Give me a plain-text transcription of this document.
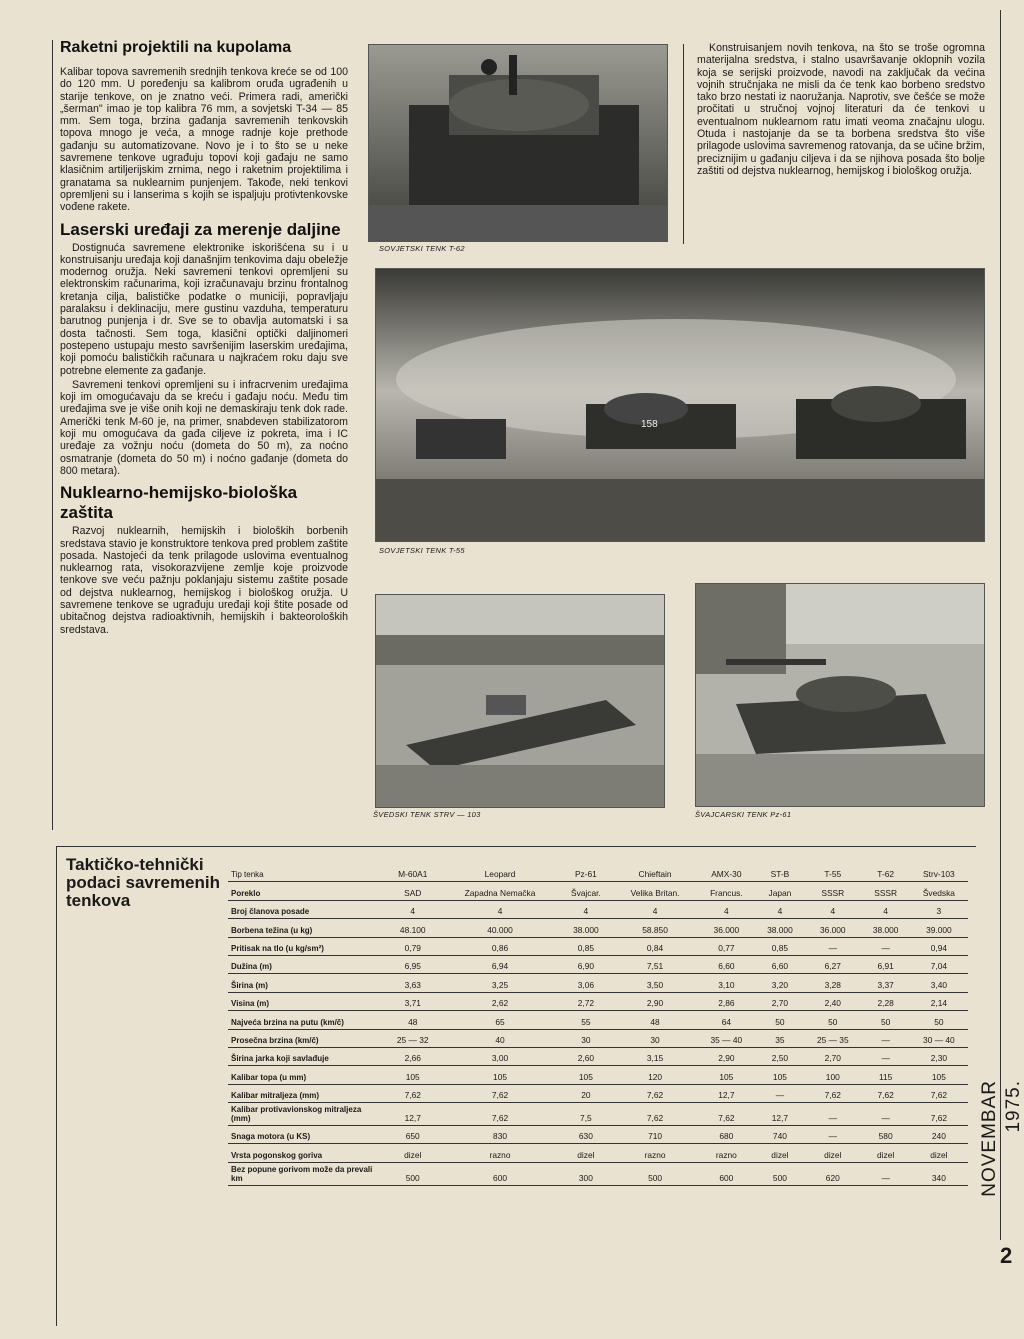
Raketni projektili na kupolama

Kalibar topova savremenih srednjih tenkova kreće se od 100 do 120 mm. U poređenju sa kalibrom oruđa ugrađenih u starije tenkove, on je znatno veći. Primera radi, američki „šerman" imao je top kalibra 76 mm, a sovjetski T-34 — 85 mm. Sem toga, brzina gađanja savremenih tenkovskih topova mnogo je veća, a mnoge radnje koje prethode gađanju su automatizovane. Novo je i to što se u neke savremene tenkove ugrađuju topovi koji gađaju ne samo klasičnim artiljerijskim zrnima, nego i raketnim projektilima i granatama sa nuklearnim punjenjem. Takođe, neki tenkovi opremljeni su i lanserima s kojih se ispaljuju protivtenkovske vođene rakete.

Laserski uređaji za merenje daljine

Dostignuća savremene elektronike iskorišćena su i u konstruisanju uređaja koji današnjim tenkovima daju obeležje modernog oružja. Neki savremeni tenkovi opremljeni su elektronskim računarima, koji izračunavaju brzinu frontalnog kretanja cilja, balističke podatke o municiji, popravljaju paralaksu i deklinaciju, mere gustinu vazduha, temperaturu barutnog punjenja i dr. Sve se to obavlja automatski i sa dosta tačnosti. Sem toga, klasični optički daljinomeri postepeno ustupaju mesto savršenijim laserskim uređajima, koji pomoću balističkih računara u najkraćem roku daju sve potrebne elemente za gađanje.

Savremeni tenkovi opremljeni su i infracrvenim uređajima koji im omogućavaju da se kreću i gađaju noću. Među tim uređajima sve je više onih koji ne demaskiraju tenk dok rade. Američki tenk M-60 je, na primer, snabdeven stabilizatorom koji mu omogućava da gađa ciljeve iz pokreta, ima i IC uređaje za vožnju noću (dometa do 50 m), za noćno osmatranje (dometa do 50 m) i noćno gađanje (dometa do 800 metara).

Nuklearno-hemijsko-biološka zaštita

Razvoj nuklearnih, hemijskih i bioloških borbenih sredstava stavio je konstruktore tenkova pred problem zaštite posada. Nastojeći da tenk prilagode uslovima eventualnog nuklearnog rata, visokorazvijene zemlje koje proizvode tenkove sve veću pažnju poklanjaju sistemu zaštite posade od dejstva nuklearnog, hemijskog i biološkog oružja. U savremene tenkove se ugrađuju uređaji koji štite posade od ubitačnog dejstva radioaktivnih, hemijskih i bakteoroloških sredstava.

Konstruisanjem novih tenkova, na što se troše ogromna materijalna sredstva, i stalno usavršavanje oklopnih vozila koja se serijski proizvode, navodi na zaključak da većina vojnih stručnjaka ne misli da će tenk kao borbeno sredstvo tako brzo nestati iz naoružanja. Naprotiv, sve češće se može pročitati u stručnoj vojnoj literaturi da će tenkovi u eventualnom nuklearnom ratu imati veoma značajnu ulogu. Otuda i nastojanje da se ta borbena sredstva što više prilagode uslovima savremenog ratovanja, da se učine bržim, preciznijim u gađanju ciljeva i da se njihova posada što bolje zaštiti od dejstva nuklearnog, hemijskog i biološkog oružja.

SOVJETSKI TENK T-62
158
SOVJETSKI TENK T-55
ŠVEDSKI TENK STRV — 103	ŠVAJCARSKI TENK Pz-61
Taktičko-tehnički podaci savremenih tenkova
Tip tenka	M-60A1	Leopard	Pz-61	Chieftain	AMX-30	ST-B	T-55	T-62	Strv-103
Poreklo	SAD	Zapadna Nemačka	Švajcar.	Velika Britan.	Francus.	Japan	SSSR	SSSR	Švedska
Broj članova posade	4	4	4	4	4	4	4	4	3
Borbena težina (u kg)	48.100	40.000	38.000	58.850	36.000	38.000	36.000	38.000	39.000
Pritisak na tlo (u kg/sm²)	0,79	0,86	0,85	0,84	0,77	0,85	—	—	0,94
Dužina (m)	6,95	6,94	6,90	7,51	6,60	6,60	6,27	6,91	7,04
Širina (m)	3,63	3,25	3,06	3,50	3,10	3,20	3,28	3,37	3,40
Visina (m)	3,71	2,62	2,72	2,90	2,86	2,70	2,40	2,28	2,14
Najveća brzina na putu (km/č)	48	65	55	48	64	50	50	50	50
Prosečna brzina (km/č)	25 — 32	40	30	30	35 — 40	35	25 — 35	—	30 — 40
Širina jarka koji savlađuje	2,66	3,00	2,60	3,15	2,90	2,50	2,70	—	2,30
Kalibar topa (u mm)	105	105	105	120	105	105	100	115	105
Kalibar mitraljeza (mm)	7,62	7,62	20	7,62	12,7	—	7,62	7,62	7,62
Kalibar protivavionskog mitraljeza (mm)	12,7	7,62	7,5	7,62	7,62	12,7	—	—	7,62
Snaga motora (u KS)	650	830	630	710	680	740	—	580	240
Vrsta pogonskog goriva	dizel	razno	dizel	razno	razno	dizel	dizel	dizel	dizel
Bez popune gorivom može da prevali km	500	600	300	500	600	500	620	—	340 NOVEMBAR 1975.
2
